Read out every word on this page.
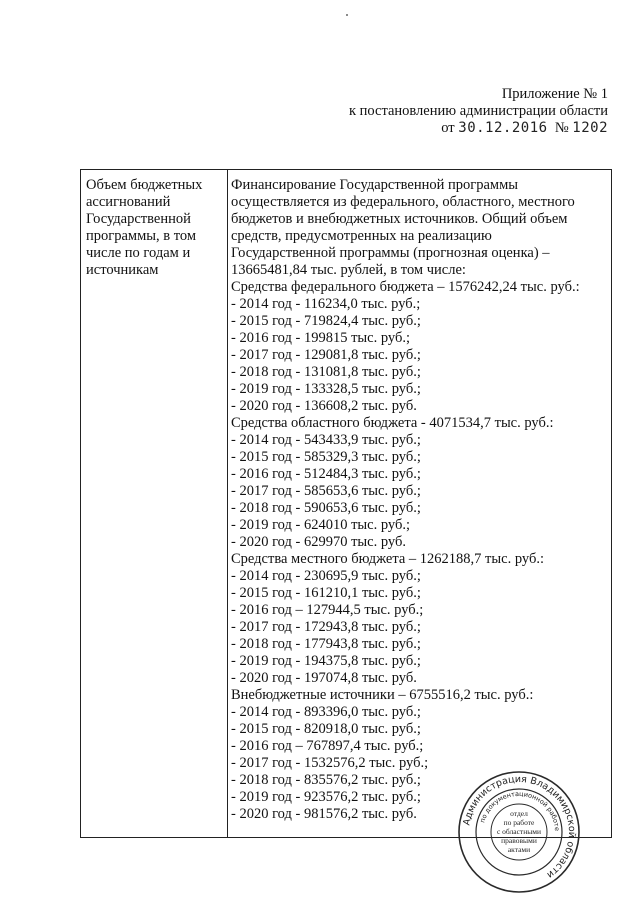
Приложение № 1
к постановлению администрации области
от 30.12.2016 № 1202
Объем бюджетных
ассигнований
Государственной
программы, в том
числе по годам и
источникам
Финансирование Государственной программы
осуществляется из федерального, областного, местного
бюджетов и внебюджетных источников. Общий объем
средств, предусмотренных на реализацию
Государственной программы (прогнозная оценка) –
13665481,84 тыс. рублей, в том числе:
Средства федерального бюджета – 1576242,24 тыс. руб.:
- 2014 год - 116234,0 тыс. руб.;
- 2015 год - 719824,4 тыс. руб.;
- 2016 год - 199815 тыс. руб.;
- 2017 год - 129081,8 тыс. руб.;
- 2018 год - 131081,8 тыс. руб.;
- 2019 год - 133328,5 тыс. руб.;
- 2020 год - 136608,2 тыс. руб.
Средства областного бюджета - 4071534,7 тыс. руб.:
- 2014 год - 543433,9 тыс. руб.;
- 2015 год - 585329,3 тыс. руб.;
- 2016 год - 512484,3 тыс. руб.;
- 2017 год - 585653,6 тыс. руб.;
- 2018 год - 590653,6 тыс. руб.;
- 2019 год - 624010 тыс. руб.;
- 2020 год - 629970 тыс. руб.
Средства местного бюджета – 1262188,7 тыс. руб.:
- 2014 год - 230695,9 тыс. руб.;
- 2015 год - 161210,1 тыс. руб.;
- 2016 год – 127944,5 тыс. руб.;
- 2017 год - 172943,8 тыс. руб.;
- 2018 год - 177943,8 тыс. руб.;
- 2019 год - 194375,8 тыс. руб.;
- 2020 год - 197074,8 тыс. руб.
Внебюджетные источники – 6755516,2 тыс. руб.:
- 2014 год - 893396,0 тыс. руб.;
- 2015 год - 820918,0 тыс. руб.;
- 2016 год – 767897,4 тыс. руб.;
- 2017 год - 1532576,2 тыс. руб.;
- 2018 год - 835576,2 тыс. руб.;
- 2019 год - 923576,2 тыс. руб.;
- 2020 год - 981576,2 тыс. руб.
Администрация Владимирской области
по документационной работе
отдел
по работе
с областными
правовыми
актами
